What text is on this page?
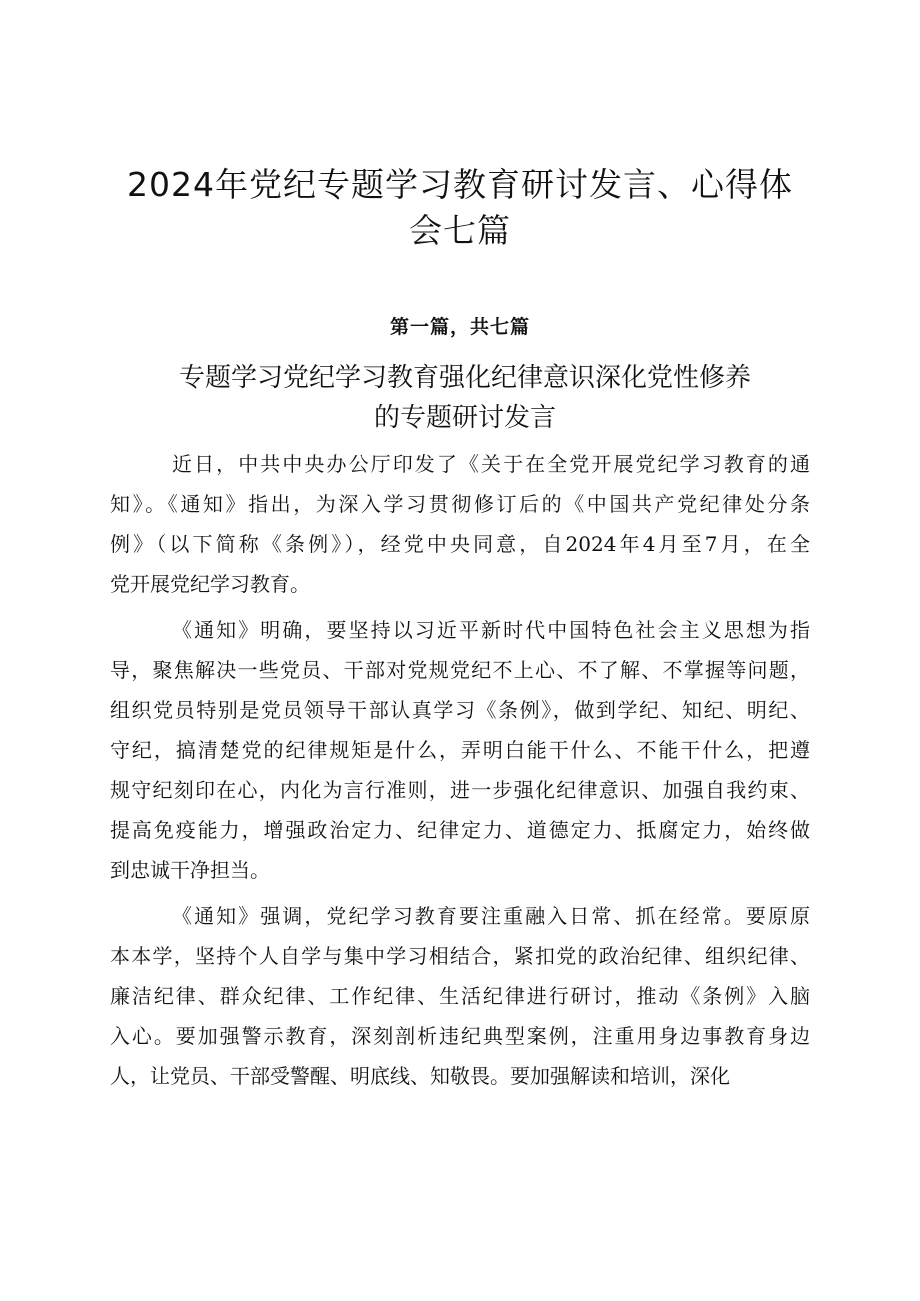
2024年党纪专题学习教育研讨发言、心得体
会七篇

第一篇，共七篇

专题学习党纪学习教育强化纪律意识深化党性修养
的专题研讨发言
近日，中共中央办公厅印发了《关于在全党开展党纪学习教育的通
知》。《通知》指出，为深入学习贯彻修订后的《中国共产党纪律处分条
例》（以下简称《条例》），经党中央同意，自2024年4月至7月，在全
党开展党纪学习教育。
《通知》明确，要坚持以习近平新时代中国特色社会主义思想为指
导，聚焦解决一些党员、干部对党规党纪不上心、不了解、不掌握等问题，
组织党员特别是党员领导干部认真学习《条例》，做到学纪、知纪、明纪、
守纪，搞清楚党的纪律规矩是什么，弄明白能干什么、不能干什么，把遵
规守纪刻印在心，内化为言行准则，进一步强化纪律意识、加强自我约束、
提高免疫能力，增强政治定力、纪律定力、道德定力、抵腐定力，始终做
到忠诚干净担当。
《通知》强调，党纪学习教育要注重融入日常、抓在经常。要原原
本本学，坚持个人自学与集中学习相结合，紧扣党的政治纪律、组织纪律、
廉洁纪律、群众纪律、工作纪律、生活纪律进行研讨，推动《条例》入脑
入心。要加强警示教育，深刻剖析违纪典型案例，注重用身边事教育身边
人，让党员、干部受警醒、明底线、知敬畏。要加强解读和培训，深化
